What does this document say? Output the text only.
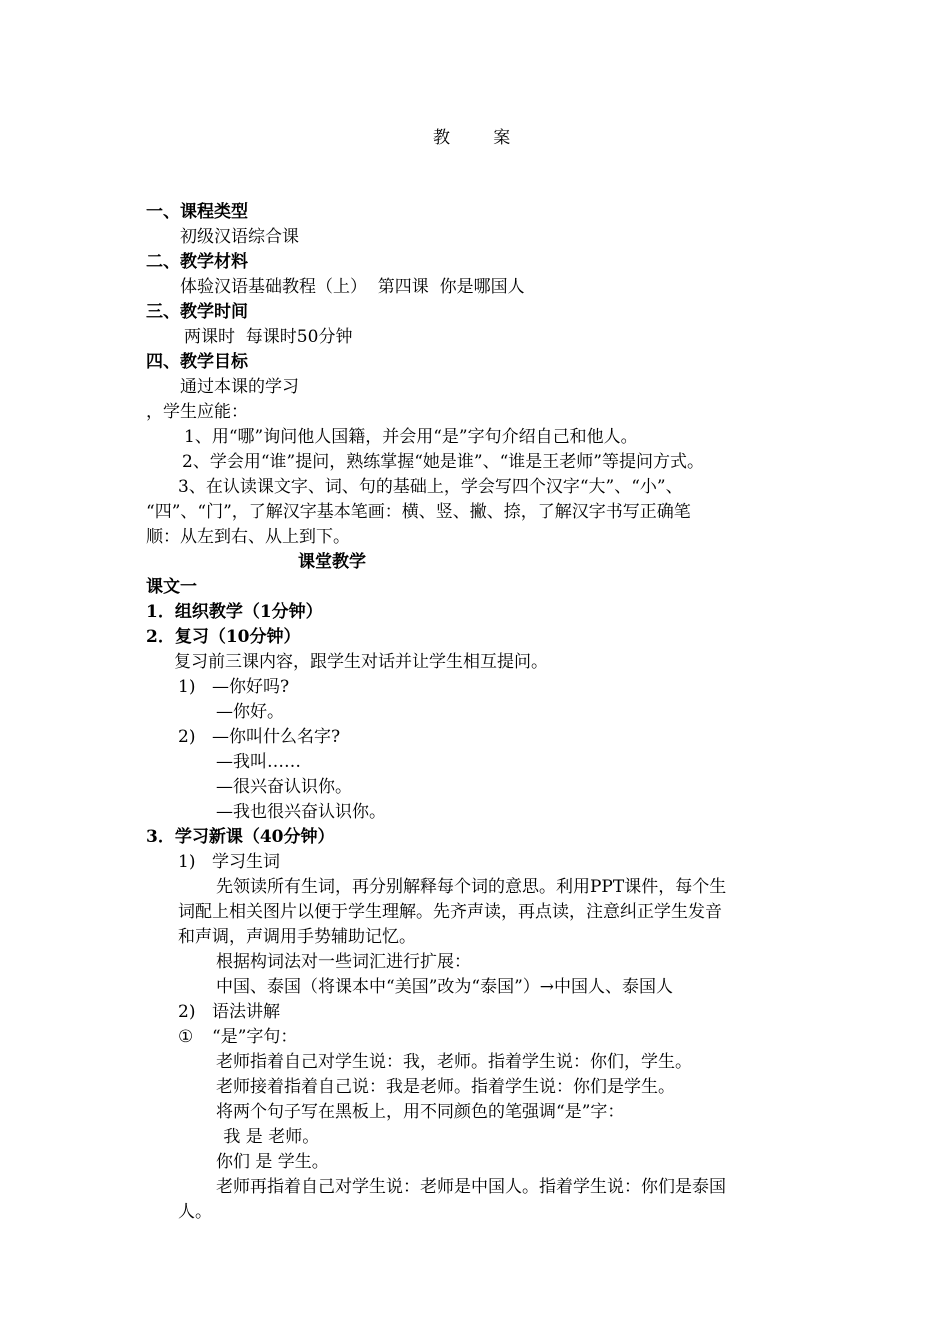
教        案
一、课程类型
初级汉语综合课
二、教学材料
体验汉语基础教程（上）  第四课  你是哪国人
三、教学时间
两课时  每课时50分钟
四、教学目标
通过本课的学习
，学生应能：
1、用“哪”询问他人国籍，并会用“是”字句介绍自己和他人。
2、学会用“谁”提问，熟练掌握“她是谁”、“谁是王老师”等提问方式。
3、在认读课文字、词、句的基础上，学会写四个汉字“大”、“小”、
“四”、“门”，了解汉字基本笔画：横、竖、撇、捺，了解汉字书写正确笔
顺：从左到右、从上到下。
课堂教学
课文一
1．组织教学（1分钟）
2．复习（10分钟）
复习前三课内容，跟学生对话并让学生相互提问。
1) —你好吗?
—你好。
2) —你叫什么名字?
—我叫……
—很兴奋认识你。
—我也很兴奋认识你。
3．学习新课（40分钟）
1) 学习生词
先领读所有生词，再分别解释每个词的意思。利用PPT课件，每个生
词配上相关图片以便于学生理解。先齐声读，再点读，注意纠正学生发音
和声调，声调用手势辅助记忆。
根据构词法对一些词汇进行扩展：
中国、泰国（将课本中“美国”改为“泰国”）→中国人、泰国人
2) 语法讲解
① “是”字句：
老师指着自己对学生说：我，老师。指着学生说：你们，学生。
老师接着指着自己说：我是老师。指着学生说：你们是学生。
将两个句子写在黑板上，用不同颜色的笔强调“是”字：
我 是 老师。
你们 是 学生。
老师再指着自己对学生说：老师是中国人。指着学生说：你们是泰国
人。
